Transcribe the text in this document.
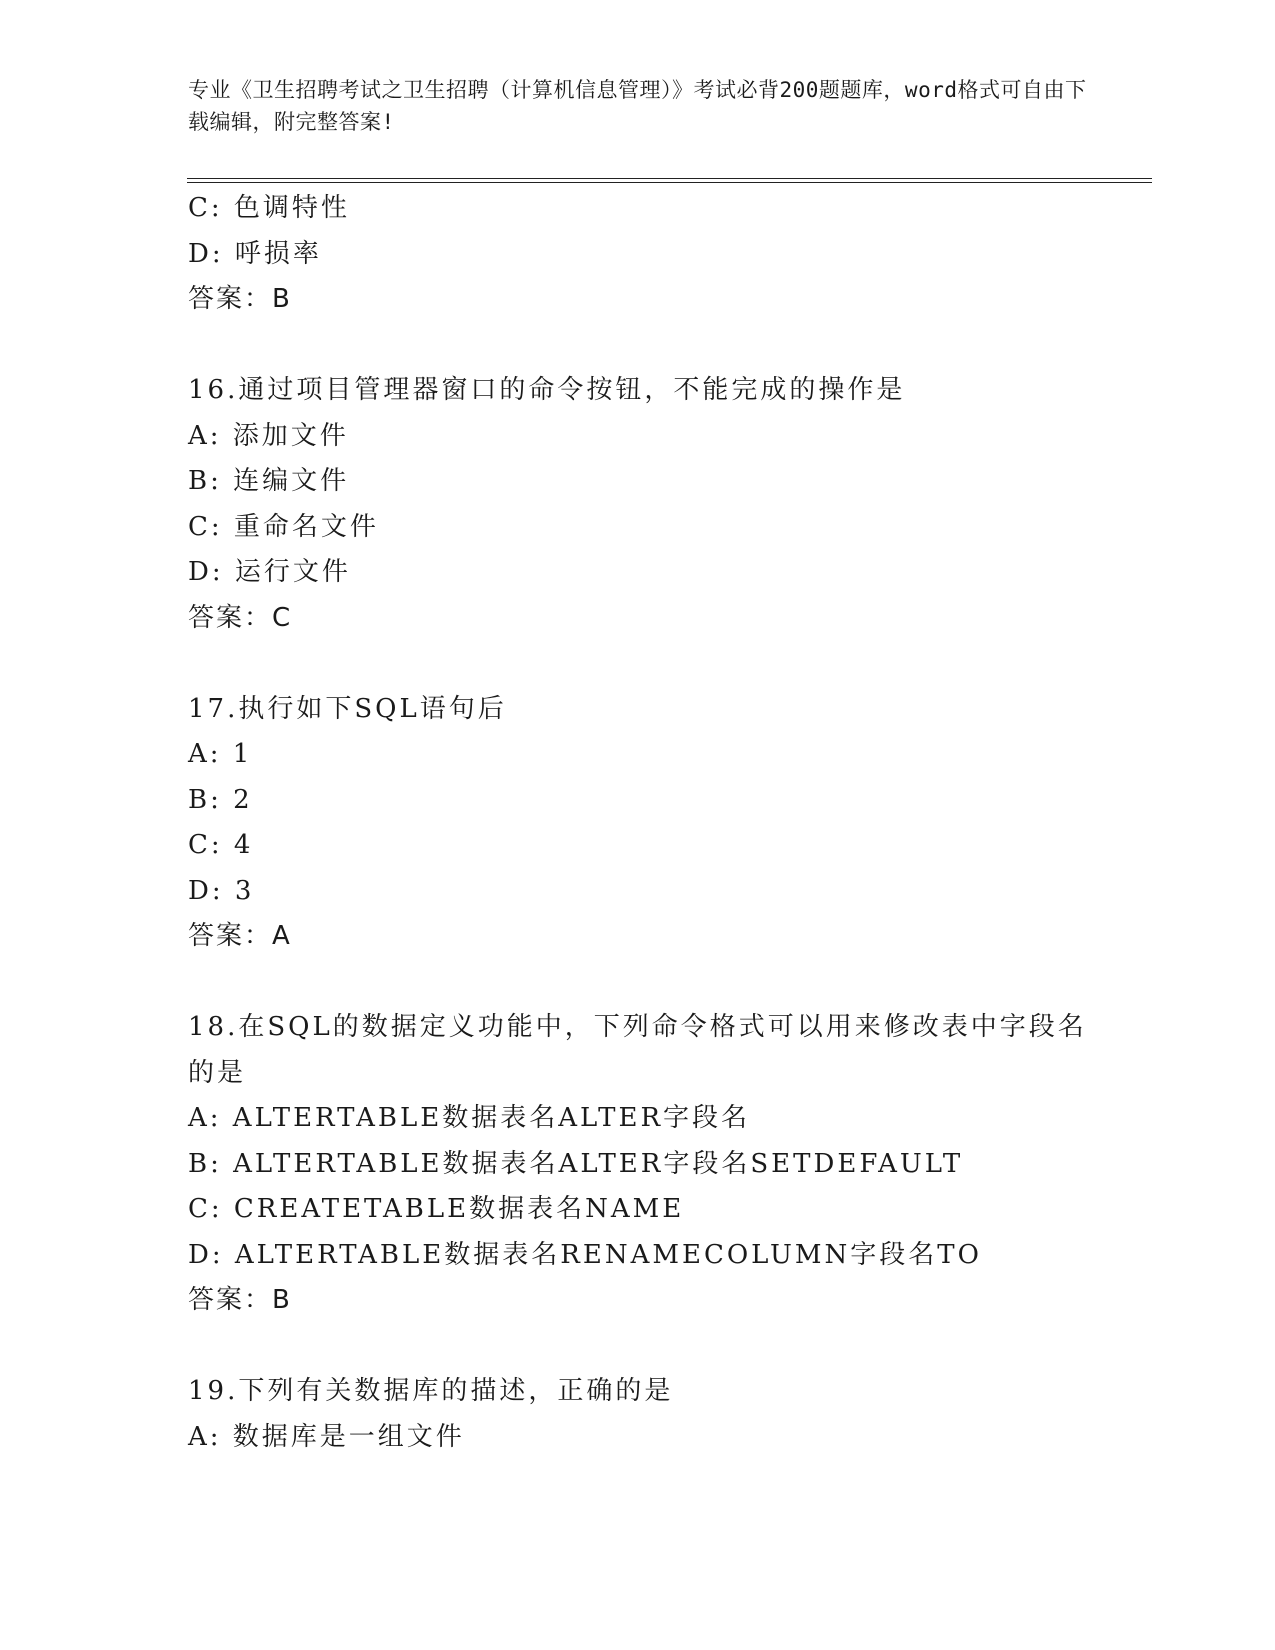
专业《卫生招聘考试之卫生招聘（计算机信息管理）》考试必背200题题库，word格式可自由下载编辑，附完整答案!
C: 色调特性
D: 呼损率
答案：B
16.通过项目管理器窗口的命令按钮，不能完成的操作是
A: 添加文件
B: 连编文件
C: 重命名文件
D: 运行文件
答案：C
17.执行如下SQL语句后
A: 1
B: 2
C: 4
D: 3
答案：A
18.在SQL的数据定义功能中，下列命令格式可以用来修改表中字段名的是
A: ALTERTABLE数据表名ALTER字段名
B: ALTERTABLE数据表名ALTER字段名SETDEFAULT
C: CREATETABLE数据表名NAME
D: ALTERTABLE数据表名RENAMECOLUMN字段名TO
答案：B
19.下列有关数据库的描述，正确的是
A: 数据库是一组文件
